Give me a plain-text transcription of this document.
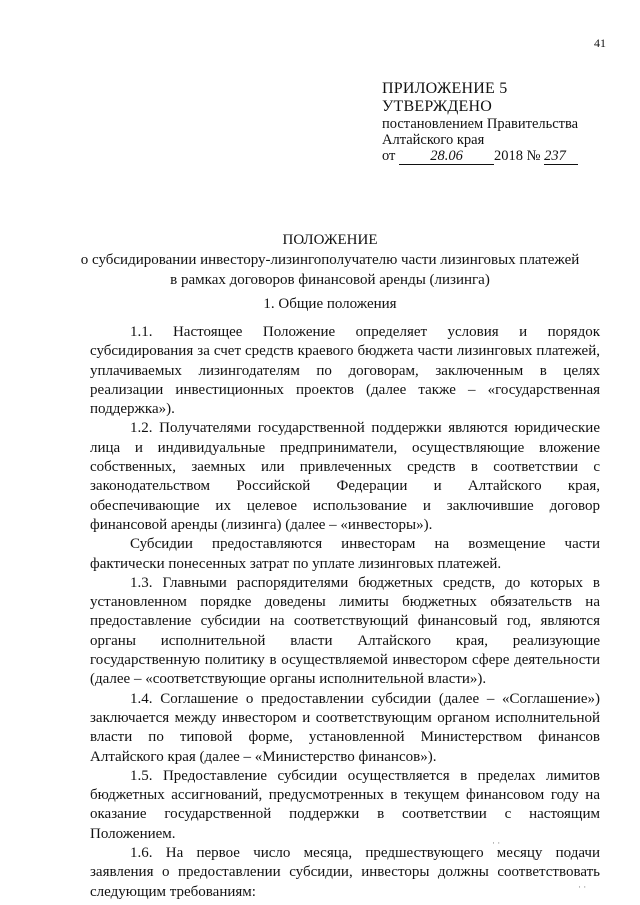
41
ПРИЛОЖЕНИЕ 5
УТВЕРЖДЕНО
постановлением Правительства
Алтайского края
от 28.06 2018 № 237
ПОЛОЖЕНИЕ
о субсидировании инвестору-лизингополучателю части лизинговых платежей
в рамках договоров финансовой аренды (лизинга)
1. Общие положения

1.1. Настоящее Положение определяет условия и порядок субсидирования за счет средств краевого бюджета части лизинговых платежей, уплачиваемых лизингодателям по договорам, заключенным в целях реализации инвестиционных проектов (далее также – «государственная поддержка»).

1.2. Получателями государственной поддержки являются юридические лица и индивидуальные предприниматели, осуществляющие вложение собственных, заемных или привлеченных средств в соответствии с законодательством Российской Федерации и Алтайского края, обеспечивающие их целевое использование и заключившие договор финансовой аренды (лизинга) (далее – «инвесторы»).

Субсидии предоставляются инвесторам на возмещение части фактически понесенных затрат по уплате лизинговых платежей.

1.3. Главными распорядителями бюджетных средств, до которых в установленном порядке доведены лимиты бюджетных обязательств на предоставление субсидии на соответствующий финансовый год, являются органы исполнительной власти Алтайского края, реализующие государственную политику в осуществляемой инвестором сфере деятельности (далее – «соответствующие органы исполнительной власти»).

1.4. Соглашение о предоставлении субсидии (далее – «Соглашение») заключается между инвестором и соответствующим органом исполнительной власти по типовой форме, установленной Министерством финансов Алтайского края (далее – «Министерство финансов»).

1.5. Предоставление субсидии осуществляется в пределах лимитов бюджетных ассигнований, предусмотренных в текущем финансовом году на оказание государственной поддержки в соответствии с настоящим Положением.

1.6. На первое число месяца, предшествующего месяцу подачи заявления о предоставлении субсидии, инвесторы должны соответствовать следующим требованиям:

· ·
· ·
